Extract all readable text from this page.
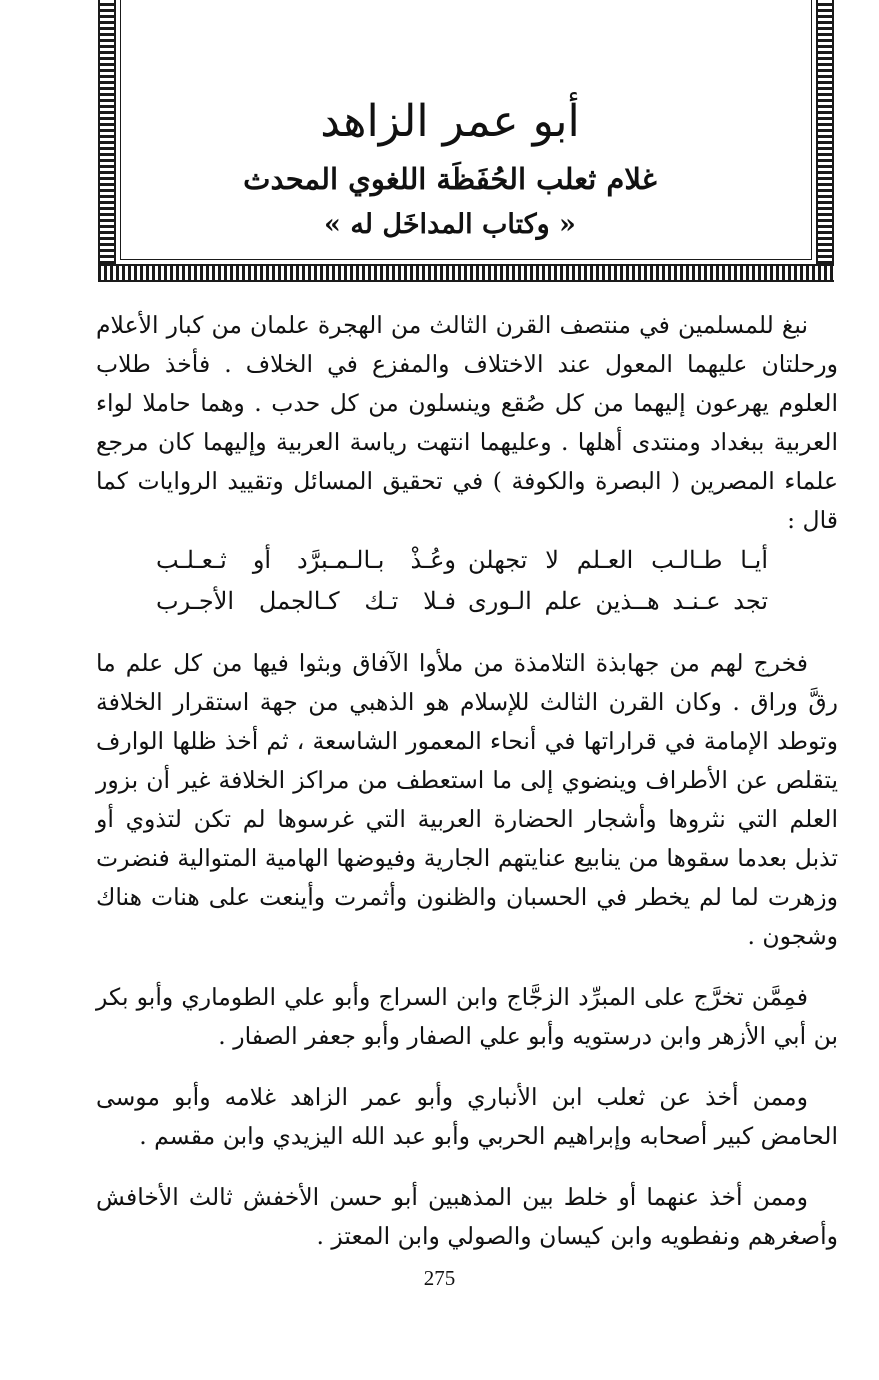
أبو عمر الزاهد
غلام ثعلب الحُفَظَة اللغوي المحدث
« وكتاب المداخَل له »

نبغ للمسلمين في منتصف القرن الثالث من الهجرة علمان من كبار الأعلام ورحلتان عليهما المعول عند الاختلاف والمفزع في الخلاف . فأخذ طلاب العلوم يهرعون إليهما من كل صُقع وينسلون من كل حدب . وهما حاملا لواء العربية ببغداد ومنتدى أهلها . وعليهما انتهت رياسة العربية وإليهما كان مرجع علماء المصرين ( البصرة والكوفة ) في تحقيق المسائل وتقييد الروايات كما قال :

أيـا طـالـب العـلم لا تجهلن
وعُـذْ بـالـمـبرَّد أو ثـعـلـب
تجد عـنـد هــذين علم الـورى
فـلا تـك كـالجمل الأجـرب

فخرج لهم من جهابذة التلامذة من ملأوا الآفاق وبثوا فيها من كل علم ما رقَّ وراق . وكان القرن الثالث للإسلام هو الذهبي من جهة استقرار الخلافة وتوطد الإمامة في قراراتها في أنحاء المعمور الشاسعة ، ثم أخذ ظلها الوارف يتقلص عن الأطراف وينضوي إلى ما استعطف من مراكز الخلافة غير أن بزور العلم التي نثروها وأشجار الحضارة العربية التي غرسوها لم تكن لتذوي أو تذبل بعدما سقوها من ينابيع عنايتهم الجارية وفيوضها الهامية المتوالية فنضرت وزهرت لما لم يخطر في الحسبان والظنون وأثمرت وأينعت على هنات هناك وشجون .

فمِمَّن تخرَّج على المبرِّد الزجَّاج وابن السراج وأبو علي الطوماري وأبو بكر بن أبي الأزهر وابن درستويه وأبو علي الصفار وأبو جعفر الصفار .

وممن أخذ عن ثعلب ابن الأنباري وأبو عمر الزاهد غلامه وأبو موسى الحامض كبير أصحابه وإبراهيم الحربي وأبو عبد الله اليزيدي وابن مقسم .

وممن أخذ عنهما أو خلط بين المذهبين أبو حسن الأخفش ثالث الأخافش وأصغرهم ونفطويه وابن كيسان والصولي وابن المعتز .

275
